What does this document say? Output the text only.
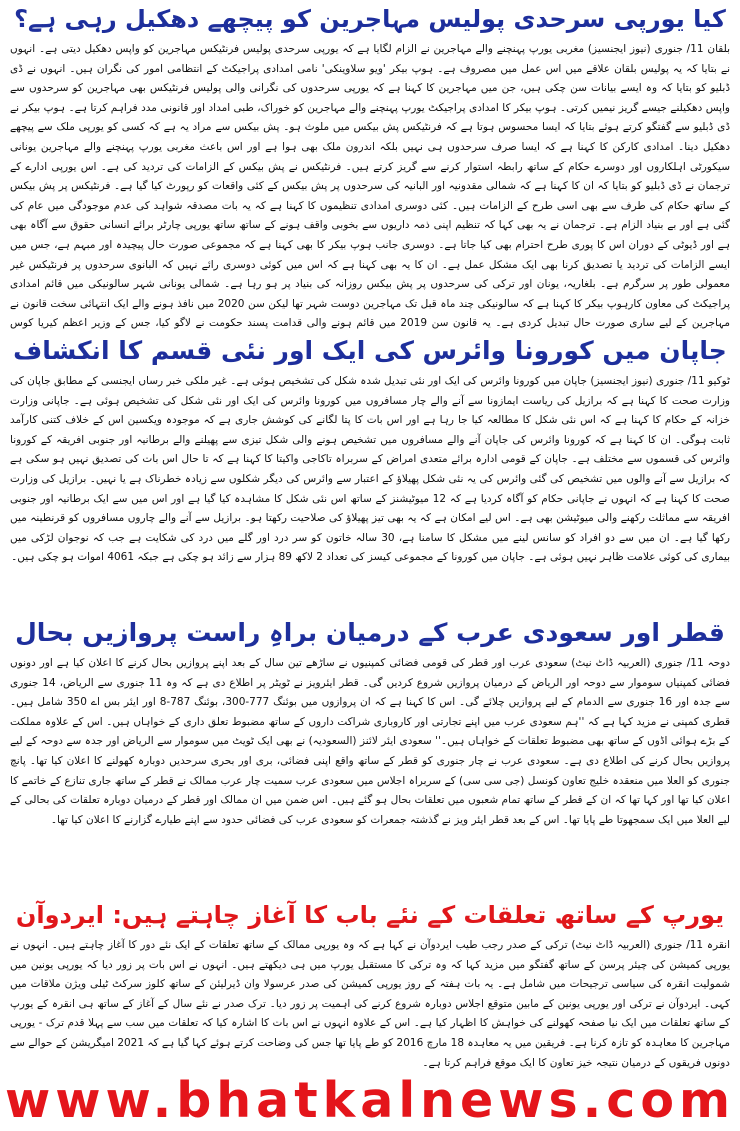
کیا یورپی سرحدی پولیس مہاجرین کو پیچھے دھکیل رہی ہے؟

بلقان 11/ جنوری (نیوز ایجنسیز) مغربی یورپ پہنچنے والے مہاجرین نے الزام لگایا ہے کہ یورپی سرحدی پولیس فرنٹیکس مہاجرین کو واپس دھکیل دیتی ہے۔ انہوں نے بتایا کہ یہ پولیس بلقان علاقے میں اس عمل میں مصروف ہے۔ ہوپ بیکر 'ویو سلاوینکی' نامی امدادی پراجیکٹ کے انتظامی امور کی نگران ہیں۔ انہوں نے ڈی ڈبلیو کو بتایا کہ وہ ایسے بیانات سن چکی ہیں، جن میں مہاجرین کا کہنا ہے کہ یورپی سرحدوں کی نگرانی والی پولیس فرنٹیکس بھی مہاجرین کو سرحدوں سے واپس دھکیلنے جیسے گریز نیمیں کرتی۔ ہوپ بیکر کا امدادی پراجیکٹ یورپ پہنچنے والے مہاجرین کو خوراک، طبی امداد اور قانونی مدد فراہم کرتا ہے۔ ہوپ بیکر نے ڈی ڈبلیو سے گفتگو کرتے ہوئے بتایا کہ ایسا محسوس ہوتا ہے کہ فرنٹیکس پش بیکس میں ملوث ہو۔ پش بیکس سے مراد یہ ہے کہ کسی کو یورپی ملک سے پیچھے دھکیل دینا۔ امدادی کارکن کا کہنا ہے کہ ایسا صرف سرحدوں ہی نہیں بلکہ اندرون ملک بھی ہوا ہے اور اس باعث مغربی یورپ پہنچنے والے مہاجرین یونانی سیکورٹی اہلکاروں اور دوسرے حکام کے ساتھ رابطہ استوار کرنے سے گریز کرتے ہیں۔ فرنٹیکس نے پش بیکس کے الزامات کی تردید کی ہے۔ اس یورپی ادارے کے ترجمان نے ڈی ڈبلیو کو بتایا کہ ان کا کہنا ہے کہ شمالی مقدونیہ اور البانیہ کی سرحدوں پر پش بیکس کے کئی واقعات کو رپورٹ کیا گیا ہے۔ فرنٹیکس پر پش بیکس کے ساتھ حکام کی طرف سے بھی اسی طرح کے الزامات ہیں۔ کئی دوسری امدادی تنظیموں کا کہنا ہے کہ یہ بات مصدقہ شواہد کی عدم موجودگی میں عام کی گئی ہے اور بے بنیاد الزام ہے۔ ترجمان نے یہ بھی کہا کہ تنظیم اپنی ذمہ داریوں سے بخوبی واقف ہونے کے ساتھ ساتھ یورپی چارٹر برائے انسانی حقوق سے آگاہ بھی ہے اور ڈیوٹی کے دوران اس کا پوری طرح احترام بھی کیا جاتا ہے۔ دوسری جانب ہوپ بیکر کا بھی کہنا ہے کہ مجموعی صورت حال پیچیدہ اور مبہم ہے، جس میں ایسے الزامات کی تردید یا تصدیق کرنا بھی ایک مشکل عمل ہے۔ ان کا یہ بھی کہنا ہے کہ اس میں کوئی دوسری رائے نہیں کہ البانوی سرحدوں پر فرنٹیکس غیر معمولی طور پر سرگرم ہے۔ بلغاریہ، یونان اور ترکی کی سرحدوں پر پش بیکس روزانہ کی بنیاد پر ہو رہا ہے۔ شمالی یونانی شہر سالونیکی میں قائم امدادی پراجیکٹ کی معاون کارہوپ بیکر کا کہنا ہے کہ سالونیکی چند ماہ قبل تک مہاجرین دوست شہر تھا لیکن سن 2020 میں نافذ ہونے والے ایک انتہائی سخت قانون نے مہاجرین کے لیے ساری صورت حال تبدیل کردی ہے۔ یہ قانون سن 2019 میں قائم ہونے والی قدامت پسند حکومت نے لاگو کیا، جس کے وزیر اعظم کیریا کوس

جاپان میں کورونا وائرس کی ایک اور نئی قسم کا انکشاف

ٹوکیو 11/ جنوری (نیوز ایجنسیز) جاپان میں کورونا وائرس کی ایک اور نئی تبدیل شدہ شکل کی تشخیص ہوئی ہے۔ غیر ملکی خبر رساں ایجنسی کے مطابق جاپان کی وزارت صحت کا کہنا ہے کہ برازیل کی ریاست ایمازونا سے آنے والے چار مسافروں میں کورونا وائرس کی ایک اور نئی شکل کی تشخیص ہوئی ہے۔ جاپانی وزارت خزانہ کے حکام کا کہنا ہے کہ اس نئی شکل کا مطالعہ کیا جا رہا ہے اور اس بات کا پتا لگانے کی کوشش جاری ہے کہ موجودہ ویکسین اس کے خلاف کتنی کارآمد ثابت ہوگی۔ ان کا کہنا ہے کہ کورونا وائرس کی جاپان آنے والے مسافروں میں تشخیص ہونے والی شکل تیزی سے پھیلنے والے برطانیہ اور جنوبی افریقہ کے کورونا وائرس کی قسموں سے مختلف ہے۔ جاپان کے قومی ادارہ برائے متعدی امراض کے سربراہ تاکاجی واکیتا کا کہنا ہے کہ تا حال اس بات کی تصدیق نہیں ہو سکی ہے کہ برازیل سے آنے والوں میں تشخیص کی گئی وائرس کی یہ نئی شکل پھیلاؤ کے اعتبار سے وائرس کی دیگر شکلوں سے زیادہ خطرناک ہے یا نہیں۔ برازیل کی وزارت صحت کا کہنا ہے کہ انہوں نے جاپانی حکام کو آگاہ کردیا ہے کہ 12 میوٹیشنز کے ساتھ اس نئی شکل کا مشاہدہ کیا گیا ہے اور اس میں سے ایک برطانیہ اور جنوبی افریقہ سے مماثلت رکھنے والی میوٹیشن بھی ہے۔ اس لیے امکان ہے کہ یہ بھی تیز پھیلاؤ کی صلاحیت رکھتا ہو۔ برازیل سے آنے والے چاروں مسافروں کو قرنطینہ میں رکھا گیا ہے۔ ان میں سے دو افراد کو سانس لینے میں مشکل کا سامنا ہے، 30 سالہ خاتون کو سر درد اور گلے میں درد کی شکایت ہے جب کہ نوجوان لڑکی میں بیماری کی کوئی علامت ظاہر نہیں ہوئی ہے۔ جاپان میں کورونا کے مجموعی کیسز کی تعداد 2 لاکھ 89 ہزار سے زائد ہو چکی ہے جبکہ 4061 اموات ہو چکی ہیں۔

قطر اور سعودی عرب کے درمیان براہِ راست پروازیں بحال

دوحہ 11/ جنوری (العربیہ ڈاٹ نیٹ) سعودی عرب اور قطر کی قومی فضائی کمپنیوں نے ساڑھے تین سال کے بعد اپنے پروازیں بحال کرنے کا اعلان کیا ہے اور دونوں فضائی کمپنیاں سوموار سے دوحہ اور الریاض کے درمیان پروازیں شروع کردیں گی۔ قطر ایئرویز نے ٹویٹر پر اطلاع دی ہے کہ وہ 11 جنوری سے الریاض، 14 جنوری سے جدہ اور 16 جنوری سے الدمام کے لیے پروازیں چلائے گی۔ اس کا کہنا ہے کہ ان پروازوں میں بوئنگ 777-300، بوئنگ 787-8 اور ایئر بس اے 350 شامل ہیں۔ قطری کمپنی نے مزید کہا ہے کہ ''ہم سعودی عرب میں اپنے تجارتی اور کاروباری شراکت داروں کے ساتھ مضبوط تعلق داری کے خواہاں ہیں۔ اس کے علاوہ مملکت کے بڑے ہوائی اڈوں کے ساتھ بھی مضبوط تعلقات کے خواہاں ہیں۔'' سعودی ایئر لائنز (السعودیہ) نے بھی ایک ٹویٹ میں سوموار سے الریاض اور جدہ سے دوحہ کے لیے پروازیں بحال کرنے کی اطلاع دی ہے۔ سعودی عرب نے چار جنوری کو قطر کے ساتھ واقع اپنی فضائی، بری اور بحری سرحدیں دوبارہ کھولنے کا اعلان کیا تھا۔ پانچ جنوری کو العلا میں منعقدہ خلیج تعاون کونسل (جی سی سی) کے سربراہ اجلاس میں سعودی عرب سمیت چار عرب ممالک نے قطر کے ساتھ جاری تنازع کے خاتمے کا اعلان کیا تھا اور کہا تھا کہ ان کے قطر کے ساتھ تمام شعبوں میں تعلقات بحال ہو گئے ہیں۔ اس ضمن میں ان ممالک اور قطر کے درمیان دوبارہ تعلقات کی بحالی کے لیے العلا میں ایک سمجھوتا طے پایا تھا۔ اس کے بعد قطر ایئر ویز نے گذشتہ جمعرات کو سعودی عرب کی فضائی حدود سے اپنے طیارے گزارنے کا اعلان کیا تھا۔

یورپ کے ساتھ تعلقات کے نئے باب کا آغاز چاہتے ہیں: ایردوآن

انقرہ 11/ جنوری (العربیہ ڈاٹ نیٹ) ترکی کے صدر رجب طیب ایردوآن نے کہا ہے کہ وہ یورپی ممالک کے ساتھ تعلقات کے ایک نئے دور کا آغاز چاہتے ہیں۔ انہوں نے یورپی کمیشن کی چیئر پرسن کے ساتھ گفتگو میں مزید کہا کہ وہ ترکی کا مستقبل یورپ میں ہی دیکھتے ہیں۔ انہوں نے اس بات پر زور دیا کہ یورپی یونین میں شمولیت انقرہ کی سیاسی ترجیحات میں شامل ہے۔ یہ بات ہفتہ کے روز یورپی کمیشن کی صدر عرسولا وان ڈیرلیئن کے ساتھ کلوز سرکٹ ٹیلی ویژن ملاقات میں کہی۔ ایردوآن نے ترکی اور یورپی یونین کے مابین متوقع اجلاس دوبارہ شروع کرنے کی اہمیت پر زور دیا۔ ترک صدر نے نئے سال کے آغاز کے ساتھ ہی انقرہ کے یورپ کے ساتھ تعلقات میں ایک نیا صفحہ کھولنے کی خواہش کا اظہار کیا ہے۔ اس کے علاوہ انہوں نے اس بات کا اشارہ کیا کہ تعلقات میں سب سے پہلا قدم ترک - یورپی مہاجرین کا معاہدہ کو تازہ کرنا ہے۔ فریقین میں یہ معاہدہ 18 مارچ 2016 کو طے پایا تھا جس کی وضاحت کرتے ہوئے کہا گیا ہے کہ 2021 امیگریشن کے حوالے سے دونوں فریقوں کے درمیان نتیجہ خیز تعاون کا ایک موقع فراہم کرتا ہے۔

www.bhatkalnews.com
